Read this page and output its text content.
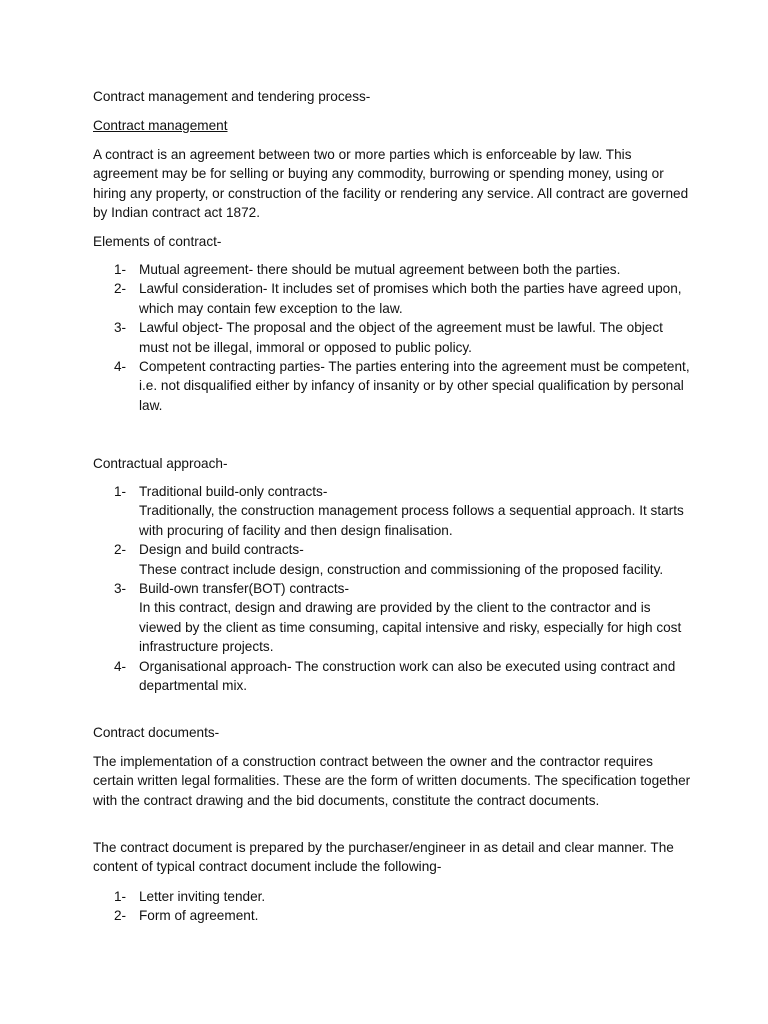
Contract management and tendering process-

Contract management

A contract is an agreement between two or more parties which is enforceable by law. This agreement may be for selling or buying any commodity, burrowing or spending money, using or hiring any property, or construction of the facility or rendering any service. All contract are governed by Indian contract act 1872.

Elements of contract-

1- Mutual agreement- there should be mutual agreement between both the parties.
2- Lawful consideration- It includes set of promises which both the parties have agreed upon, which may contain few exception to the law.
3- Lawful object- The proposal and the object of the agreement must be lawful. The object must not be illegal, immoral or opposed to public policy.
4- Competent contracting parties- The parties entering into the agreement must be competent, i.e. not disqualified either by infancy of insanity or by other special qualification by personal law.

Contractual approach-

1- Traditional build-only contracts-
Traditionally, the construction management process follows a sequential approach. It starts with procuring of facility and then design finalisation.
2- Design and build contracts-
These contract include design, construction and commissioning of the proposed facility.
3- Build-own transfer(BOT) contracts-
In this contract, design and drawing are provided by the client to the contractor and is viewed by the client as time consuming, capital intensive and risky, especially for high cost infrastructure projects.
4- Organisational approach- The construction work can also be executed using contract and departmental mix.

Contract documents-

The implementation of a construction contract between the owner and the contractor requires certain written legal formalities. These are the form of written documents. The specification together with the contract drawing and the bid documents, constitute the contract documents.

The contract document is prepared by the purchaser/engineer in as detail and clear manner. The content of typical contract document include the following-

1- Letter inviting tender.
2- Form of agreement.
